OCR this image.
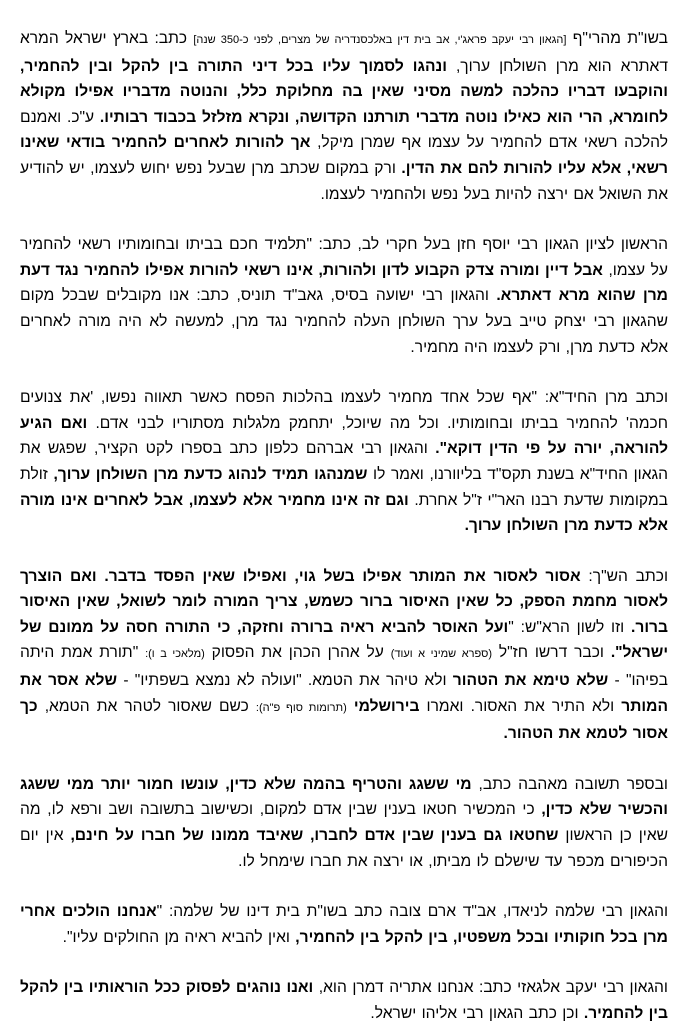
בשו"ת מהרי"ף [הגאון רבי יעקב פראג'י, אב בית דין באלכסנדריה של מצרים, לפני כ-350 שנה] כתב: בארץ ישראל המרא דאתרא הוא מרן השולחן ערוך, ונהגו לסמוך עליו בכל דיני התורה בין להקל ובין להחמיר, והוקבעו דבריו כהלכה למשה מסיני שאין בה מחלוקת כלל, והנוטה מדבריו אפילו מקולא לחומרא, הרי הוא כאילו נוטה מדברי תורתנו הקדושה, ונקרא מזלזל בכבוד רבותיו. ע"כ. ואמנם להלכה רשאי אדם להחמיר על עצמו אף שמרן מיקל, אך להורות לאחרים להחמיר בודאי שאינו רשאי, אלא עליו להורות להם את הדין. ורק במקום שכתב מרן שבעל נפש יחוש לעצמו, יש להודיע את השואל אם ירצה להיות בעל נפש ולהחמיר לעצמו.

הראשון לציון הגאון רבי יוסף חזן בעל חקרי לב, כתב: "תלמיד חכם בביתו ובחומותיו רשאי להחמיר על עצמו, אבל דיין ומורה צדק הקבוע לדון ולהורות, אינו רשאי להורות אפילו להחמיר נגד דעת מרן שהוא מרא דאתרא. והגאון רבי ישועה בסיס, גאב"ד תוניס, כתב: אנו מקובלים שבכל מקום שהגאון רבי יצחק טייב בעל ערך השולחן העלה להחמיר נגד מרן, למעשה לא היה מורה לאחרים אלא כדעת מרן, ורק לעצמו היה מחמיר.

וכתב מרן החיד"א: "אף שכל אחד מחמיר לעצמו בהלכות הפסח כאשר תאווה נפשו, 'את צנועים חכמה' להחמיר בביתו ובחומותיו. וכל מה שיוכל, יתחמק מלגלות מסתוריו לבני אדם. ואם הגיע להוראה, יורה על פי הדין דוקא". והגאון רבי אברהם כלפון כתב בספרו לקט הקציר, שפגש את הגאון החיד"א בשנת תקס"ד בליוורנו, ואמר לו שמנהגו תמיד לנהוג כדעת מרן השולחן ערוך, זולת במקומות שדעת רבנו האר"י ז"ל אחרת. וגם זה אינו מחמיר אלא לעצמו, אבל לאחרים אינו מורה אלא כדעת מרן השולחן ערוך.

וכתב הש"ך: אסור לאסור את המותר אפילו בשל גוי, ואפילו שאין הפסד בדבר. ואם הוצרך לאסור מחמת הספק, כל שאין האיסור ברור כשמש, צריך המורה לומר לשואל, שאין האיסור ברור. וזו לשון הרא"ש: "ועל האוסר להביא ראיה ברורה וחזקה, כי התורה חסה על ממונם של ישראל". וכבר דרשו חז"ל (ספרא שמיני א ועוד) על אהרן הכהן את הפסוק (מלאכי ב ו): "תורת אמת היתה בפיהו" - שלא טימא את הטהור ולא טיהר את הטמא. "ועולה לא נמצא בשפתיו" - שלא אסר את המותר ולא התיר את האסור. ואמרו בירושלמי (תרומות סוף פ"ה): כשם שאסור לטהר את הטמא, כך אסור לטמא את הטהור.

ובספר תשובה מאהבה כתב, מי ששגג והטריף בהמה שלא כדין, עונשו חמור יותר ממי ששגג והכשיר שלא כדין, כי המכשיר חטאו בענין שבין אדם למקום, וכשישוב בתשובה ושב ורפא לו, מה שאין כן הראשון שחטאו גם בענין שבין אדם לחברו, שאיבד ממונו של חברו על חינם, אין יום הכיפורים מכפר עד שישלם לו מביתו, או ירצה את חברו שימחל לו.

והגאון רבי שלמה לניאדו, אב"ד ארם צובה כתב בשו"ת בית דינו של שלמה: "אנחנו הולכים אחרי מרן בכל חוקותיו ובכל משפטיו, בין להקל בין להחמיר, ואין להביא ראיה מן החולקים עליו".

והגאון רבי יעקב אלגאזי כתב: אנחנו אתריה דמרן הוא, ואנו נוהגים לפסוק ככל הוראותיו בין להקל בין להחמיר. וכן כתב הגאון רבי אליהו ישראל.
